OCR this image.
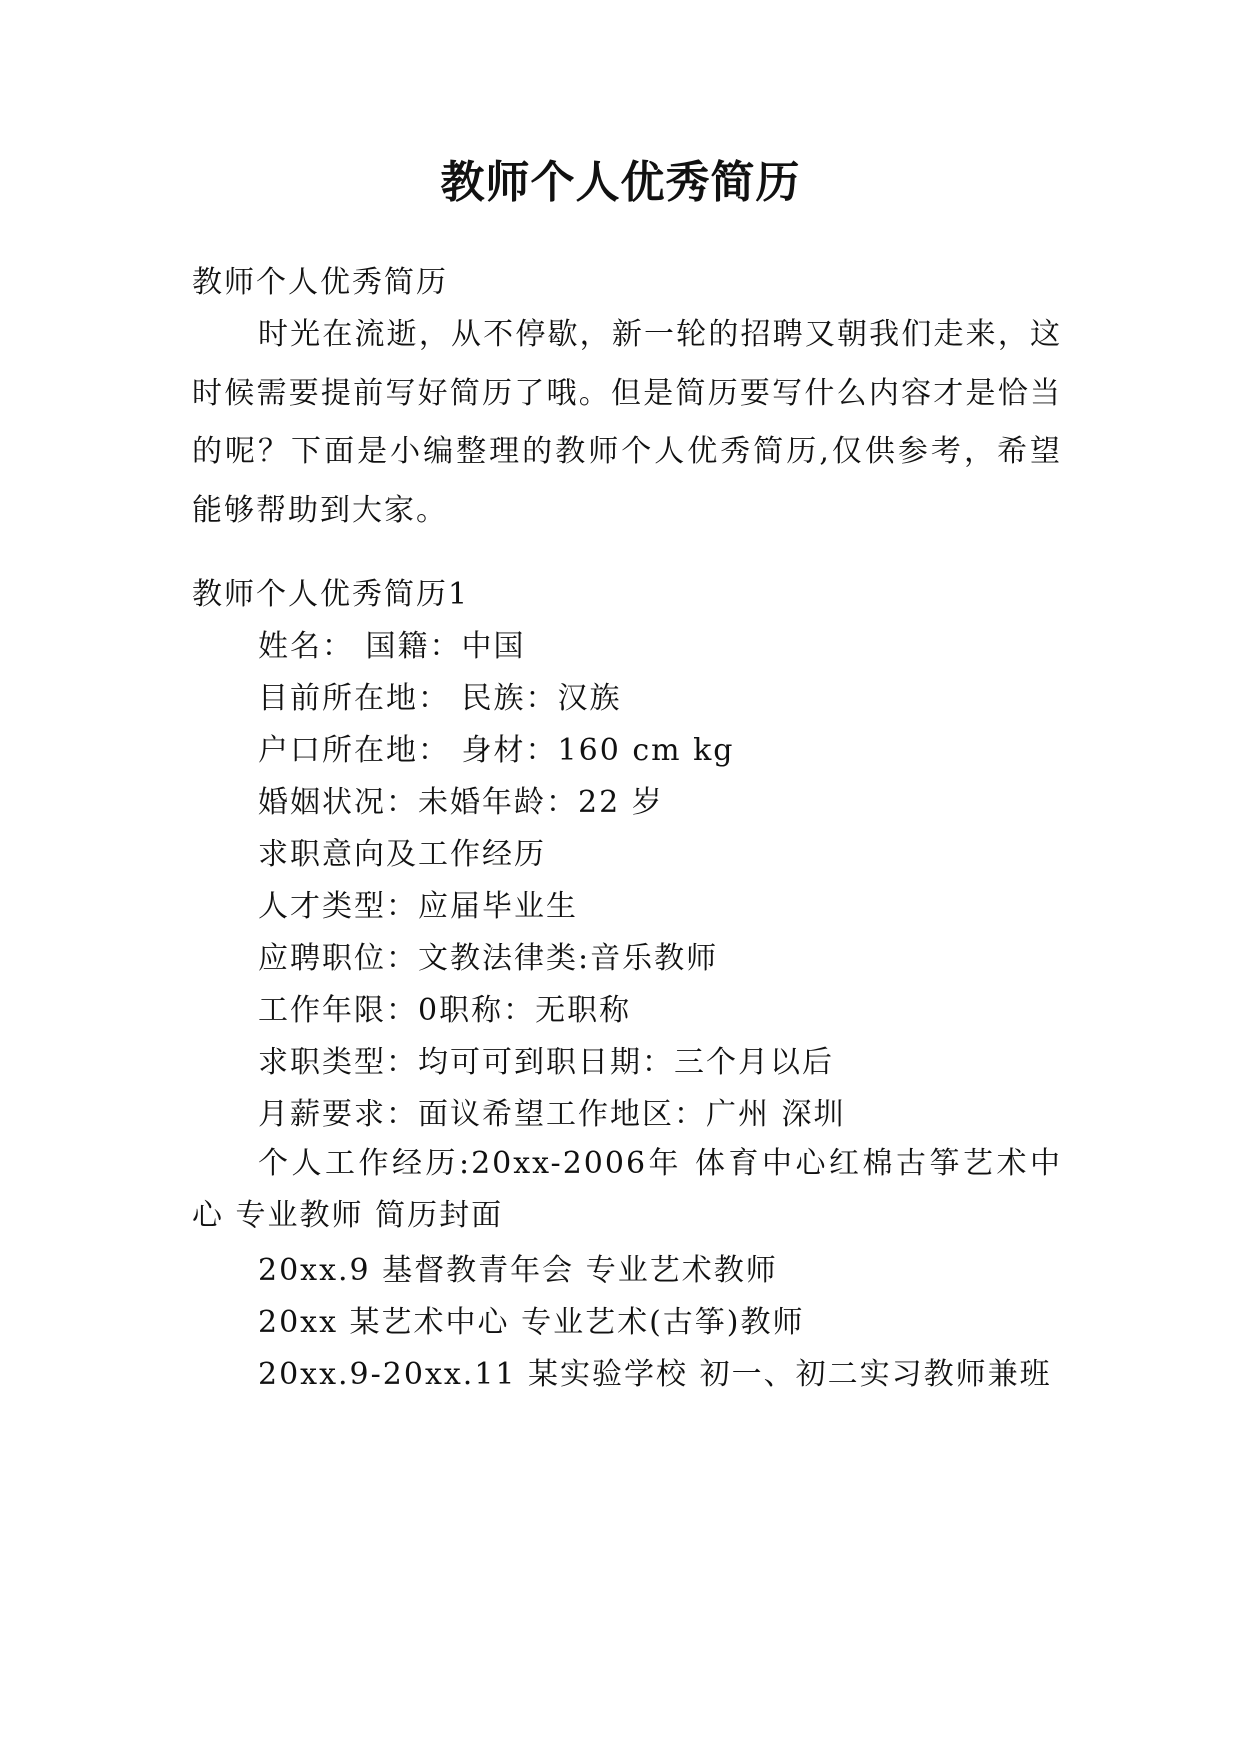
教师个人优秀简历
教师个人优秀简历
时光在流逝，从不停歇，新一轮的招聘又朝我们走来，这时候需要提前写好简历了哦。但是简历要写什么内容才是恰当的呢？下面是小编整理的教师个人优秀简历,仅供参考，希望能够帮助到大家。
教师个人优秀简历1
姓名： 国籍：中国
目前所在地： 民族：汉族
户口所在地： 身材：160 cm kg
婚姻状况：未婚年龄：22 岁
求职意向及工作经历
人才类型：应届毕业生
应聘职位：文教法律类:音乐教师
工作年限：0职称：无职称
求职类型：均可可到职日期：三个月以后
月薪要求：面议希望工作地区：广州 深圳
个人工作经历:20xx-2006年 体育中心红棉古筝艺术中心 专业教师 简历封面
20xx.9 基督教青年会 专业艺术教师
20xx 某艺术中心 专业艺术(古筝)教师
20xx.9-20xx.11 某实验学校 初一、初二实习教师兼班
